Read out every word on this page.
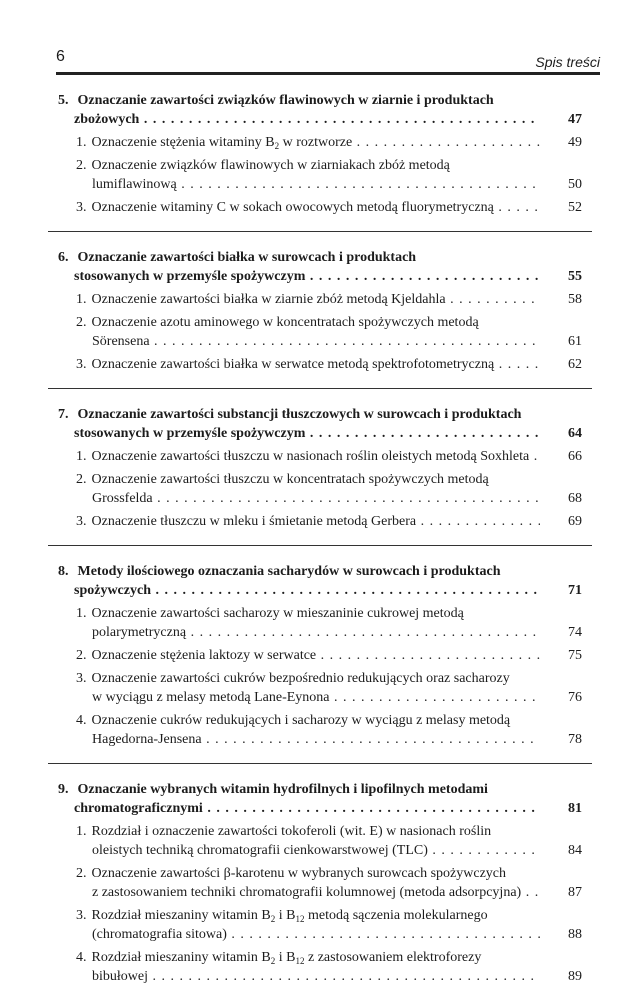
6	Spis treści
5. Oznaczanie zawartości związków flawinowych w ziarnie i produktach
zbożowych . . .	47
1. Oznaczenie stężenia witaminy $B_2$ w roztworze . . .	49
2. Oznaczenie związków flawinowych w ziarniakach zbóż metodą
lumiflawinową . . .	50
3. Oznaczenie witaminy C w sokach owocowych metodą fluorymetryczną . . .	52
6. Oznaczanie zawartości białka w surowcach i produktach
stosowanych w przemyśle spożywczym . . .	55
1. Oznaczenie zawartości białka w ziarnie zbóż metodą Kjeldahla . . .	58
2. Oznaczenie azotu aminowego w koncentratach spożywczych metodą
Sörensena . . .	61
3. Oznaczenie zawartości białka w serwatce metodą spektrofotometryczną . . .	62
7. Oznaczanie zawartości substancji tłuszczowych w surowcach i produktach
stosowanych w przemyśle spożywczym . . .	64
1. Oznaczenie zawartości tłuszczu w nasionach roślin oleistych metodą Soxhleta . . .	66
2. Oznaczenie zawartości tłuszczu w koncentratach spożywczych metodą
Grossfelda . . .	68
3. Oznaczenie tłuszczu w mleku i śmietanie metodą Gerbera . . .	69
8. Metody ilościowego oznaczania sacharydów w surowcach i produktach
spożywczych . . .	71
1. Oznaczenie zawartości sacharozy w mieszaninie cukrowej metodą
polarymetryczną . . .	74
2. Oznaczenie stężenia laktozy w serwatce . . .	75
3. Oznaczenie zawartości cukrów bezpośrednio redukujących oraz sacharozy
w wyciągu z melasy metodą Lane-Eynona . . .	76
4. Oznaczenie cukrów redukujących i sacharozy w wyciągu z melasy metodą
Hagedorna-Jensena . . .	78
9. Oznaczanie wybranych witamin hydrofilnych i lipofilnych metodami
chromatograficznymi . . .	81
1. Rozdział i oznaczenie zawartości tokoferoli (wit. E) w nasionach roślin
oleistych techniką chromatografii cienkowarstwowej (TLC) . . .	84
2. Oznaczenie zawartości β-karotenu w wybranych surowcach spożywczych
z zastosowaniem techniki chromatografii kolumnowej (metoda adsorpcyjna) . . .	87
3. Rozdział mieszaniny witamin $B_2$ i $B_{12}$ metodą sączenia molekularnego
(chromatografia sitowa) . . .	88
4. Rozdział mieszaniny witamin $B_2$ i $B_{12}$ z zastosowaniem elektroforezy
bibułowej . . .	89
